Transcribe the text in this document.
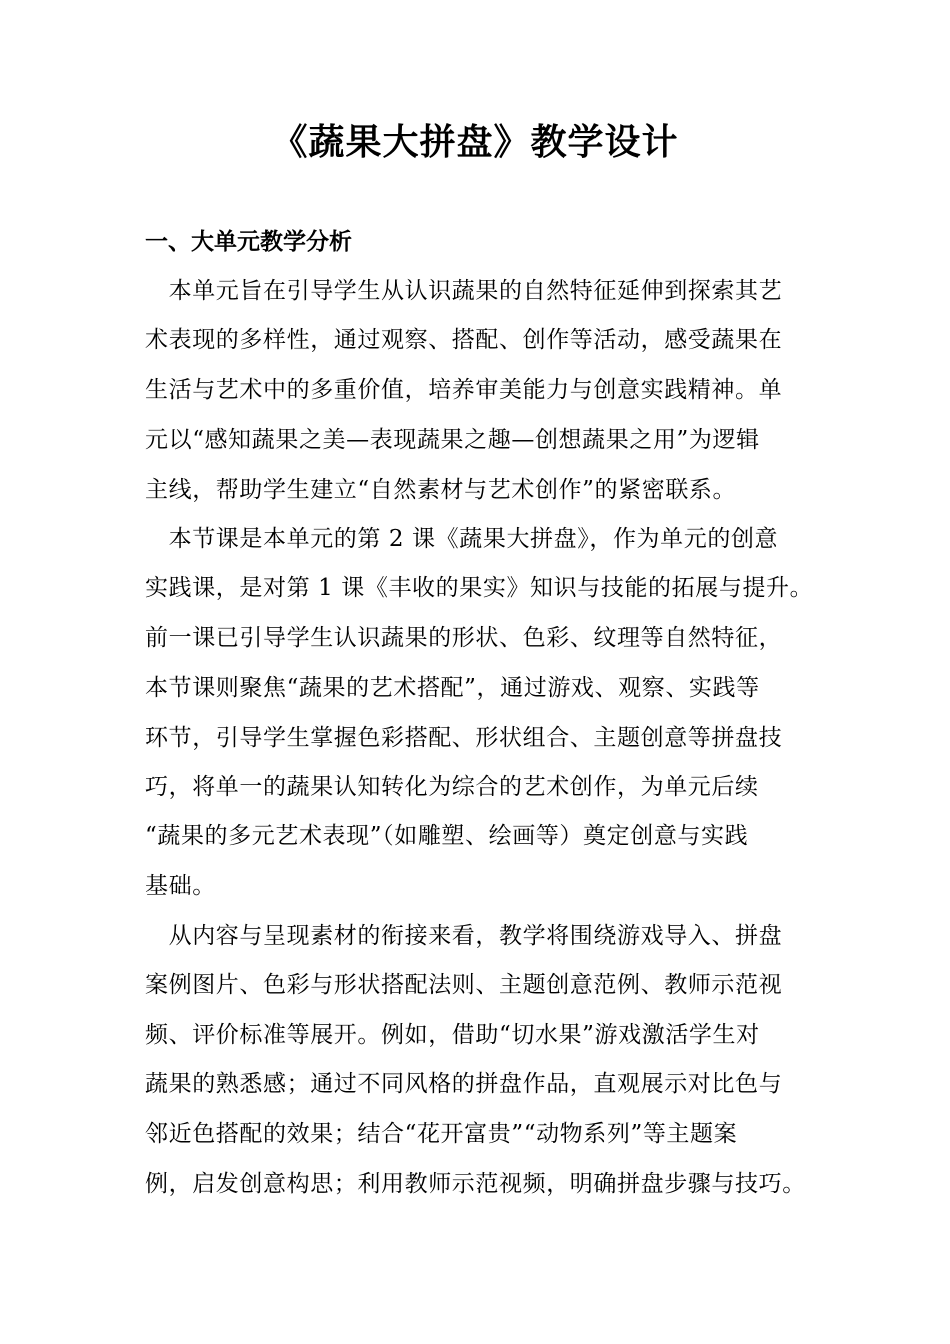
《蔬果大拼盘》教学设计
一、大单元教学分析
　本单元旨在引导学生从认识蔬果的自然特征延伸到探索其艺
术表现的多样性，通过观察、搭配、创作等活动，感受蔬果在
生活与艺术中的多重价值，培养审美能力与创意实践精神。单
元以“感知蔬果之美—表现蔬果之趣—创想蔬果之用”为逻辑
主线，帮助学生建立“自然素材与艺术创作”的紧密联系。
　本节课是本单元的第 2 课《蔬果大拼盘》，作为单元的创意
实践课，是对第 1 课《丰收的果实》知识与技能的拓展与提升。
前一课已引导学生认识蔬果的形状、色彩、纹理等自然特征，
本节课则聚焦“蔬果的艺术搭配”，通过游戏、观察、实践等
环节，引导学生掌握色彩搭配、形状组合、主题创意等拼盘技
巧，将单一的蔬果认知转化为综合的艺术创作，为单元后续
“蔬果的多元艺术表现”（如雕塑、绘画等）奠定创意与实践
基础。
　从内容与呈现素材的衔接来看，教学将围绕游戏导入、拼盘
案例图片、色彩与形状搭配法则、主题创意范例、教师示范视
频、评价标准等展开。例如，借助“切水果”游戏激活学生对
蔬果的熟悉感；通过不同风格的拼盘作品，直观展示对比色与
邻近色搭配的效果；结合“花开富贵”“动物系列”等主题案
例，启发创意构思；利用教师示范视频，明确拼盘步骤与技巧。
